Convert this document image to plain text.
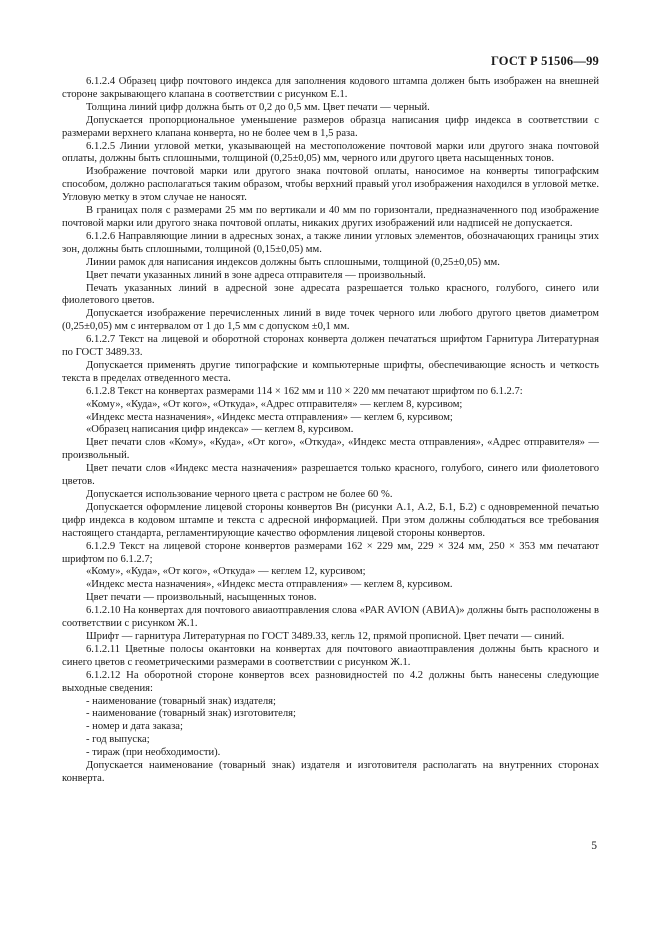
ГОСТ Р 51506—99

6.1.2.4 Образец цифр почтового индекса для заполнения кодового штампа должен быть изображен на внешней стороне закрывающего клапана в соответствии с рисунком Е.1.

Толщина линий цифр должна быть от 0,2 до 0,5 мм. Цвет печати — черный.

Допускается пропорциональное уменьшение размеров образца написания цифр индекса в соответствии с размерами верхнего клапана конверта, но не более чем в 1,5 раза.

6.1.2.5 Линии угловой метки, указывающей на местоположение почтовой марки или другого знака почтовой оплаты, должны быть сплошными, толщиной (0,25±0,05) мм, черного или другого цвета насыщенных тонов.

Изображение почтовой марки или другого знака почтовой оплаты, наносимое на конверты типографским способом, должно располагаться таким образом, чтобы верхний правый угол изображения находился в угловой метке. Угловую метку в этом случае не наносят.

В границах поля с размерами 25 мм по вертикали и 40 мм по горизонтали, предназначенного под изображение почтовой марки или другого знака почтовой оплаты, никаких других изображений или надписей не допускается.

6.1.2.6 Направляющие линии в адресных зонах, а также линии угловых элементов, обозначающих границы этих зон, должны быть сплошными, толщиной (0,15±0,05) мм.

Линии рамок для написания индексов должны быть сплошными, толщиной (0,25±0,05) мм.

Цвет печати указанных линий в зоне адреса отправителя — произвольный.

Печать указанных линий в адресной зоне адресата разрешается только красного, голубого, синего или фиолетового цветов.

Допускается изображение перечисленных линий в виде точек черного или любого другого цветов диаметром (0,25±0,05) мм с интервалом от 1 до 1,5 мм с допуском ±0,1 мм.

6.1.2.7 Текст на лицевой и оборотной сторонах конверта должен печататься шрифтом Гарнитура Литературная по ГОСТ 3489.33.

Допускается применять другие типографские и компьютерные шрифты, обеспечивающие ясность и четкость текста в пределах отведенного места.

6.1.2.8 Текст на конвертах размерами 114 × 162 мм и 110 × 220 мм печатают шрифтом по 6.1.2.7:

«Кому», «Куда», «От кого», «Откуда», «Адрес отправителя» — кеглем 8, курсивом;

«Индекс места назначения», «Индекс места отправления» — кеглем 6, курсивом;

«Образец написания цифр индекса» — кеглем 8, курсивом.

Цвет печати слов «Кому», «Куда», «От кого», «Откуда», «Индекс места отправления», «Адрес отправителя» — произвольный.

Цвет печати слов «Индекс места назначения» разрешается только красного, голубого, синего или фиолетового цветов.

Допускается использование черного цвета с растром не более 60 %.

Допускается оформление лицевой стороны конвертов Вн (рисунки А.1, А.2, Б.1, Б.2) с одновременной печатью цифр индекса в кодовом штампе и текста с адресной информацией. При этом должны соблюдаться все требования настоящего стандарта, регламентирующие качество оформления лицевой стороны конвертов.

6.1.2.9 Текст на лицевой стороне конвертов размерами 162 × 229 мм, 229 × 324 мм, 250 × 353 мм печатают шрифтом по 6.1.2.7;

«Кому», «Куда», «От кого», «Откуда» — кеглем 12, курсивом;

«Индекс места назначения», «Индекс места отправления» — кеглем 8, курсивом.

Цвет печати — произвольный, насыщенных тонов.

6.1.2.10 На конвертах для почтового авиаотправления слова «PAR AVION (АВИА)» должны быть расположены в соответствии с рисунком Ж.1.

Шрифт — гарнитура Литературная по ГОСТ 3489.33, кегль 12, прямой прописной. Цвет печати — синий.

6.1.2.11 Цветные полосы окантовки на конвертах для почтового авиаотправления должны быть красного и синего цветов с геометрическими размерами в соответствии с рисунком Ж.1.

6.1.2.12 На оборотной стороне конвертов всех разновидностей по 4.2 должны быть нанесены следующие выходные сведения:

- наименование (товарный знак) издателя;

- наименование (товарный знак) изготовителя;

- номер и дата заказа;

- год выпуска;

- тираж (при необходимости).

Допускается наименование (товарный знак) издателя и изготовителя располагать на внутренних сторонах конверта.

5
